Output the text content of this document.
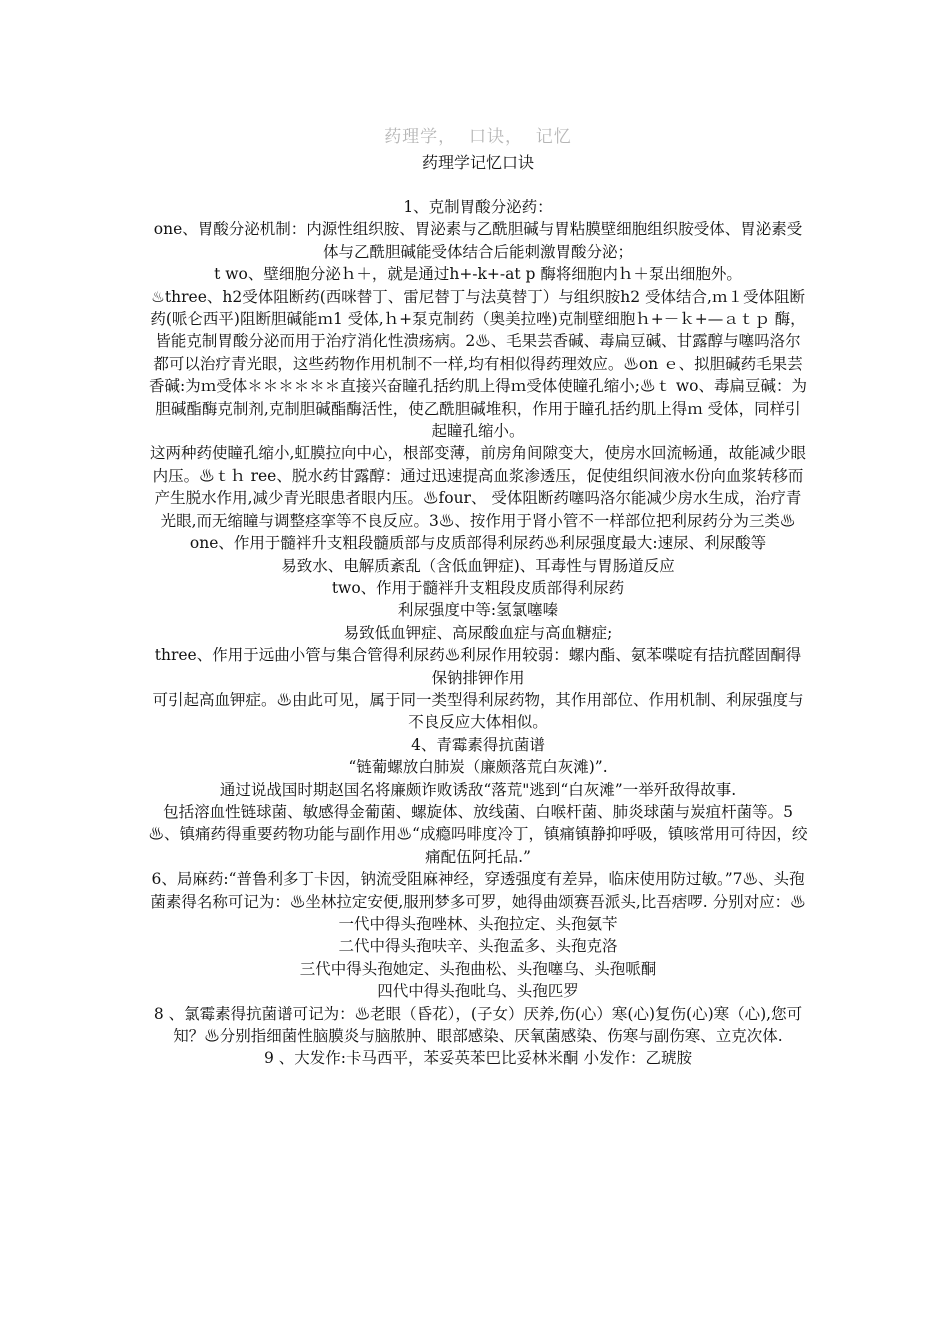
药理学，  口诀，  记忆
药理学记忆口诀

1、克制胃酸分泌药：

one、胃酸分泌机制：内源性组织胺、胃泌素与乙酰胆碱与胃粘膜壁细胞组织胺受体、胃泌素受体与乙酰胆碱能受体结合后能刺激胃酸分泌；

t wo、壁细胞分泌ｈ＋，就是通过h+-k+-at p 酶将细胞内ｈ＋泵出细胞外。

♨three、h2受体阻断药(西咪替丁、雷尼替丁与法莫替丁）与组织胺h2 受体结合,ｍ１受体阻断药(哌仑西平)阻断胆碱能ｍ1 受体,ｈ+泵克制药（奥美拉唑)克制壁细胞ｈ+－ｋ+—ａｔｐ 酶，皆能克制胃酸分泌而用于治疗消化性溃疡病。2♨、毛果芸香碱、毒扁豆碱、甘露醇与噻吗洛尔都可以治疗青光眼，这些药物作用机制不一样,均有相似得药理效应。♨on ｅ、拟胆碱药毛果芸香碱:为ｍ受体＊＊＊＊＊＊直接兴奋瞳孔括约肌上得ｍ受体使瞳孔缩小;♨ｔ wo、毒扁豆碱：为胆碱酯酶克制剂,克制胆碱酯酶活性，使乙酰胆碱堆积，作用于瞳孔括约肌上得ｍ 受体，同样引起瞳孔缩小。

这两种药使瞳孔缩小,虹膜拉向中心，根部变薄，前房角间隙变大，使房水回流畅通，故能减少眼内压。♨ｔｈ ree、脱水药甘露醇：通过迅速提高血浆渗透压，促使组织间液水份向血浆转移而产生脱水作用,减少青光眼患者眼内压。♨four、 受体阻断药噻吗洛尔能减少房水生成，治疗青光眼,而无缩瞳与调整痉挛等不良反应。3♨、按作用于肾小管不一样部位把利尿药分为三类♨one、作用于髓袢升支粗段髓质部与皮质部得利尿药♨利尿强度最大:速尿、利尿酸等

易致水、电解质紊乱（含低血钾症)、耳毒性与胃肠道反应

two、作用于髓袢升支粗段皮质部得利尿药

利尿强度中等:氢氯噻嗪

易致低血钾症、高尿酸血症与高血糖症;

three、作用于远曲小管与集合管得利尿药♨利尿作用较弱：螺内酯、氨苯喋啶有拮抗醛固酮得保钠排钾作用

可引起高血钾症。♨由此可见，属于同一类型得利尿药物，其作用部位、作用机制、利尿强度与不良反应大体相似。

4、青霉素得抗菌谱

“链葡螺放白肺炭（廉颇落荒白灰滩)”.

通过说战国时期赵国名将廉颇诈败诱敌“落荒"逃到“白灰滩”一举歼敌得故事.

包括溶血性链球菌、敏感得金葡菌、螺旋体、放线菌、白喉杆菌、肺炎球菌与炭疽杆菌等。5♨、镇痛药得重要药物功能与副作用♨“成瘾吗啡度冷丁，镇痛镇静抑呼吸，镇咳常用可待因，绞痛配伍阿托品.”

6、局麻药:“普鲁利多丁卡因，钠流受阻麻神经，穿透强度有差异，临床使用防过敏。”7♨、头孢菌素得名称可记为：♨坐林拉定安便,服刑梦多可罗，她得曲颂赛吾派头,比吾痞啰. 分别对应：♨一代中得头孢唑林、头孢拉定、头孢氨苄

二代中得头孢呋辛、头孢孟多、头孢克洛

三代中得头孢她定、头孢曲松、头孢噻乌、头孢哌酮

四代中得头孢吡乌、头孢匹罗

8 、氯霉素得抗菌谱可记为：♨老眼（昏花），(子女）厌养,伤(心）寒(心)复伤(心)寒（心),您可知？♨分别指细菌性脑膜炎与脑脓肿、眼部感染、厌氧菌感染、伤寒与副伤寒、立克次体.

9 、大发作:卡马西平，苯妥英苯巴比妥林米酮 小发作：乙琥胺
